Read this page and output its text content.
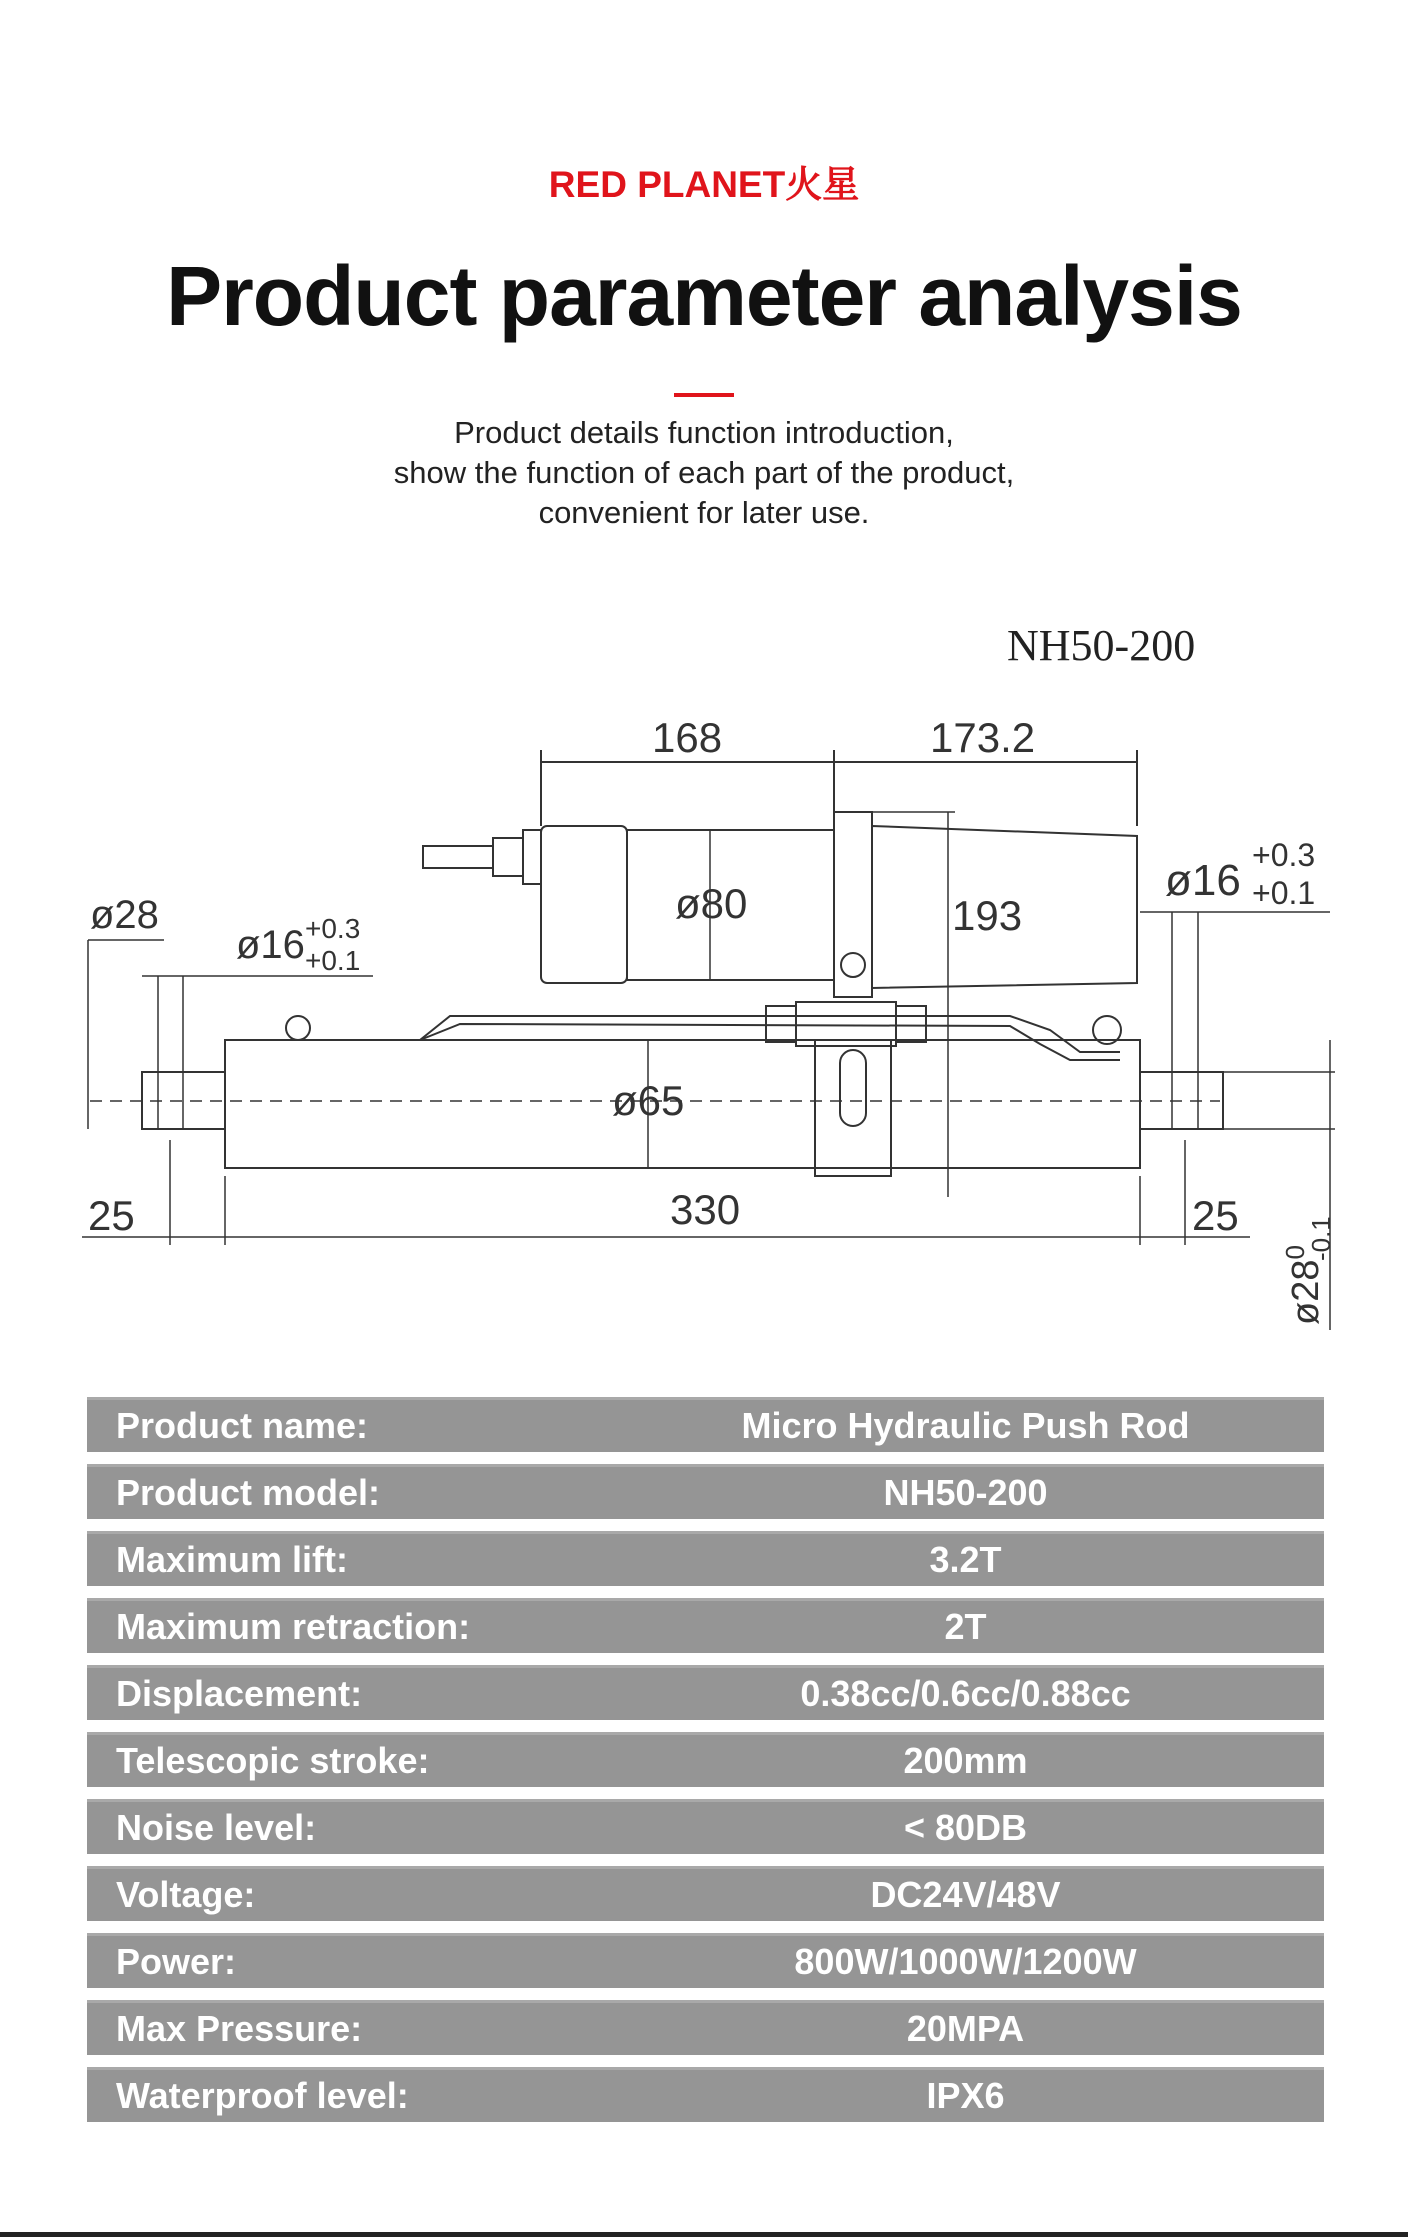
RED PLANET火星
Product parameter analysis
Product details function introduction,
show the function of each part of the product,
convenient for later use.
NH50-200
168	173.2
ø80	193
ø65
ø28
ø16 +0.3
+0.1
ø16
+0.3
+0.1
$ø28^0-0.1$
25	330	25
Product name:	Micro Hydraulic Push Rod
Product model:	NH50-200
Maximum lift:	3.2T
Maximum retraction:	2T
Displacement:	0.38cc/0.6cc/0.88cc
Telescopic stroke:	200mm
Noise level:	< 80DB
Voltage:	DC24V/48V
Power:	800W/1000W/1200W
Max Pressure:	20MPA
Waterproof level:	IPX6
